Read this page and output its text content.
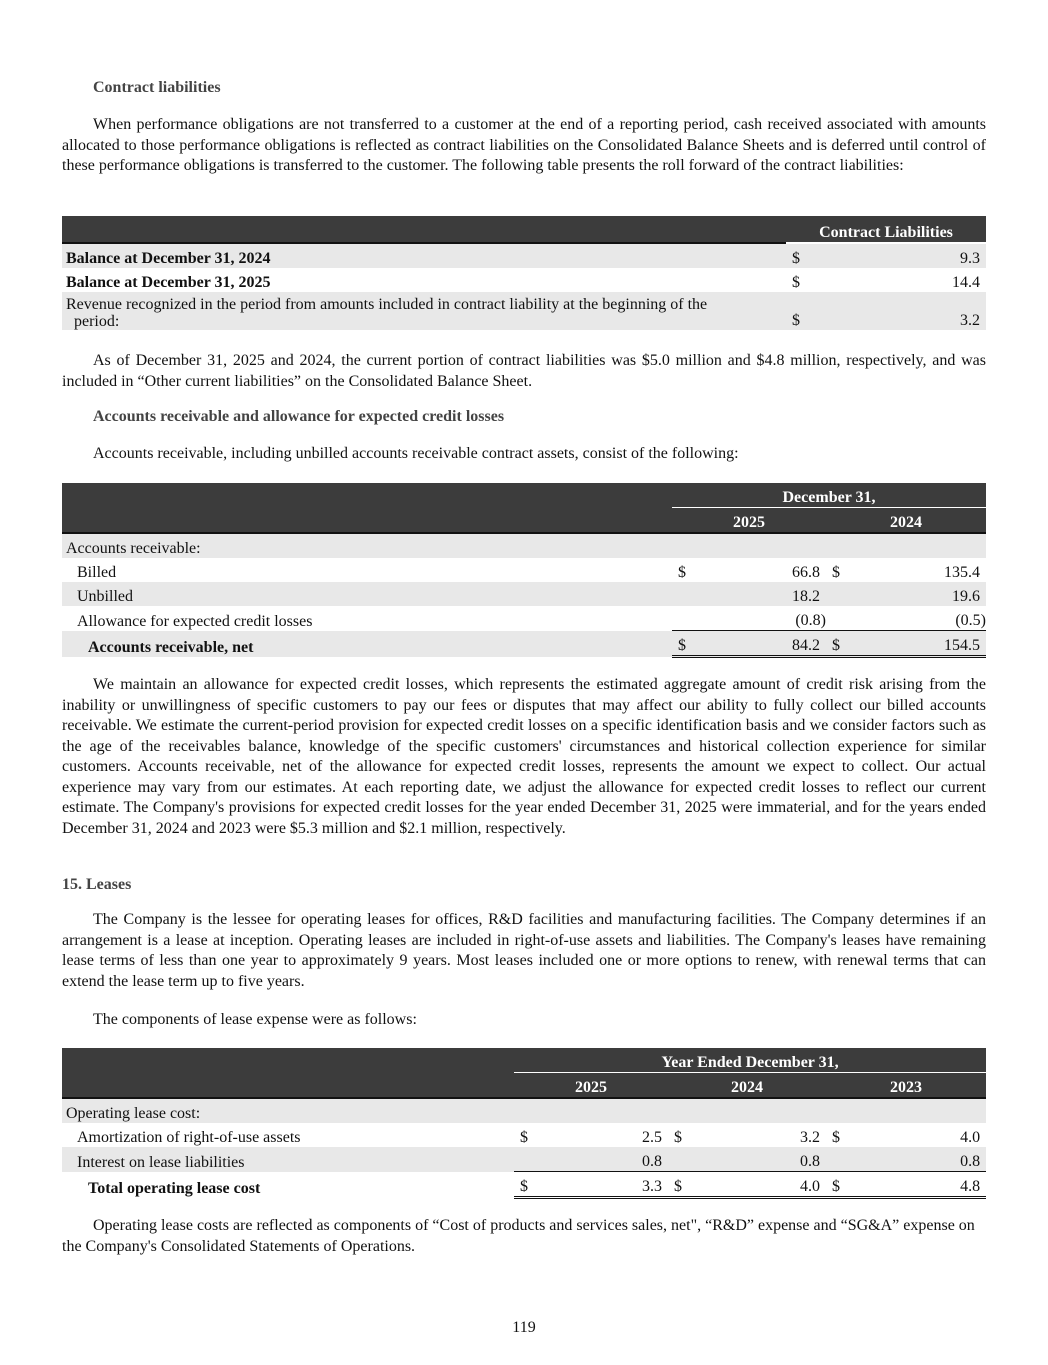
Contract liabilities

When performance obligations are not transferred to a customer at the end of a reporting period, cash received associated with amounts allocated to those performance obligations is reflected as contract liabilities on the Consolidated Balance Sheets and is deferred until control of these performance obligations is transferred to the customer. The following table presents the roll forward of the contract liabilities:

	Contract Liabilities	
Balance at December 31, 2024	$	9.3
Balance at December 31, 2025	$	14.4

Revenue recognized in the period from amounts included in contract liability at the beginning of the
period:	$	3.2

As of December 31, 2025 and 2024, the current portion of contract liabilities was $5.0 million and $4.8 million, respectively, and was included in “Other current liabilities” on the Consolidated Balance Sheet.

Accounts receivable and allowance for expected credit losses

Accounts receivable, including unbilled accounts receivable contract assets, consist of the following:

	December 31,			
	2025		2024	
Accounts receivable:				
Billed	$	66.8	$	135.4
Unbilled		18.2		19.6
Allowance for expected credit losses		(0.8)		(0.5)
Accounts receivable, net	$	84.2	$	154.5

We maintain an allowance for expected credit losses, which represents the estimated aggregate amount of credit risk arising from the inability or unwillingness of specific customers to pay our fees or disputes that may affect our ability to fully collect our billed accounts receivable. We estimate the current-period provision for expected credit losses on a specific identification basis and we consider factors such as the age of the receivables balance, knowledge of the specific customers' circumstances and historical collection experience for similar customers. Accounts receivable, net of the allowance for expected credit losses, represents the amount we expect to collect. Our actual experience may vary from our estimates. At each reporting date, we adjust the allowance for expected credit losses to reflect our current estimate. The Company's provisions for expected credit losses for the year ended December 31, 2025 were immaterial, and for the years ended December 31, 2024 and 2023 were $5.3 million and $2.1 million, respectively.

15. Leases

The Company is the lessee for operating leases for offices, R&D facilities and manufacturing facilities. The Company determines if an arrangement is a lease at inception. Operating leases are included in right-of-use assets and liabilities. The Company's leases have remaining lease terms of less than one year to approximately 9 years. Most leases included one or more options to renew, with renewal terms that can extend the lease term up to five years.

The components of lease expense were as follows:

	Year Ended December 31,					
	2025		2024		2023	
Operating lease cost:						
Amortization of right-of-use assets	$	2.5	$	3.2	$	4.0
Interest on lease liabilities		0.8		0.8		0.8
Total operating lease cost	$	3.3	$	4.0	$	4.8

Operating lease costs are reflected as components of “Cost of products and services sales, net", “R&D” expense and “SG&A” expense on the Company's Consolidated Statements of Operations.

119
